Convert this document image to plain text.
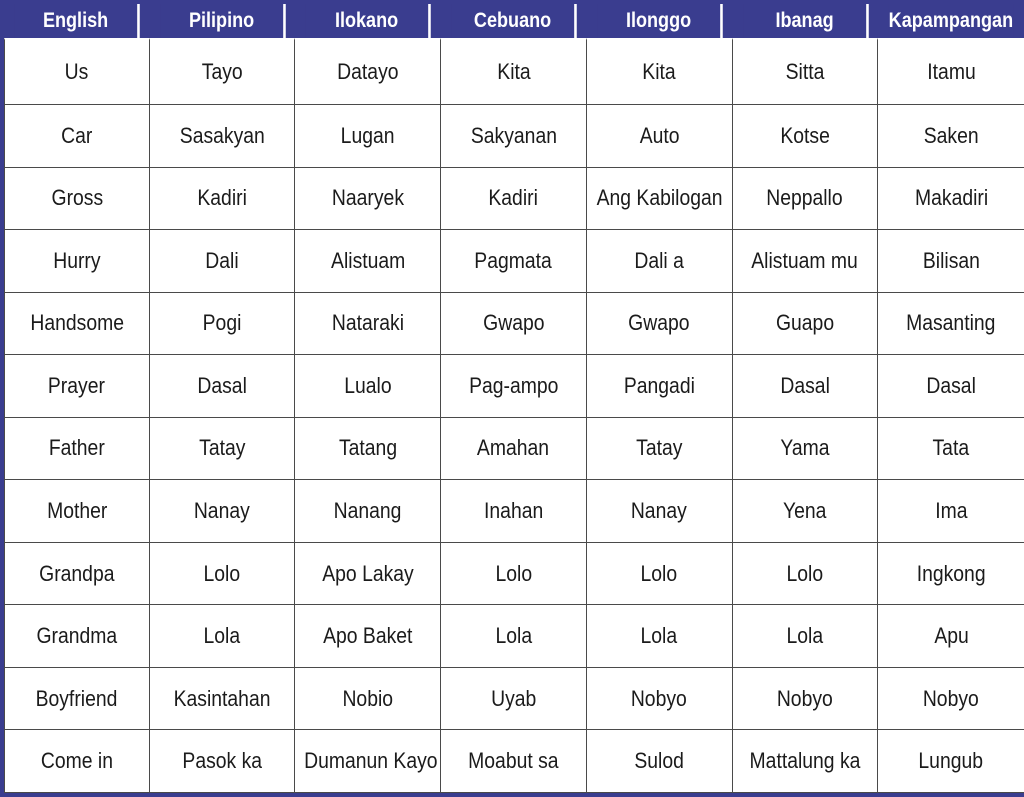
English	Pilipino	Ilokano	Cebuano	Ilonggo	Ibanag	Kapampangan
Us	Tayo	Datayo	Kita	Kita	Sitta	Itamu
Car	Sasakyan	Lugan	Sakyanan	Auto	Kotse	Saken
Gross	Kadiri	Naaryek	Kadiri	Ang Kabilogan	Neppallo	Makadiri
Hurry	Dali	Alistuam	Pagmata	Dali a	Alistuam mu	Bilisan
Handsome	Pogi	Nataraki	Gwapo	Gwapo	Guapo	Masanting
Prayer	Dasal	Lualo	Pag-ampo	Pangadi	Dasal	Dasal
Father	Tatay	Tatang	Amahan	Tatay	Yama	Tata
Mother	Nanay	Nanang	Inahan	Nanay	Yena	Ima
Grandpa	Lolo	Apo Lakay	Lolo	Lolo	Lolo	Ingkong
Grandma	Lola	Apo Baket	Lola	Lola	Lola	Apu
Boyfriend	Kasintahan	Nobio	Uyab	Nobyo	Nobyo	Nobyo
Come in	Pasok ka	Dumanun Kayo	Moabut sa	Sulod	Mattalung ka	Lungub
